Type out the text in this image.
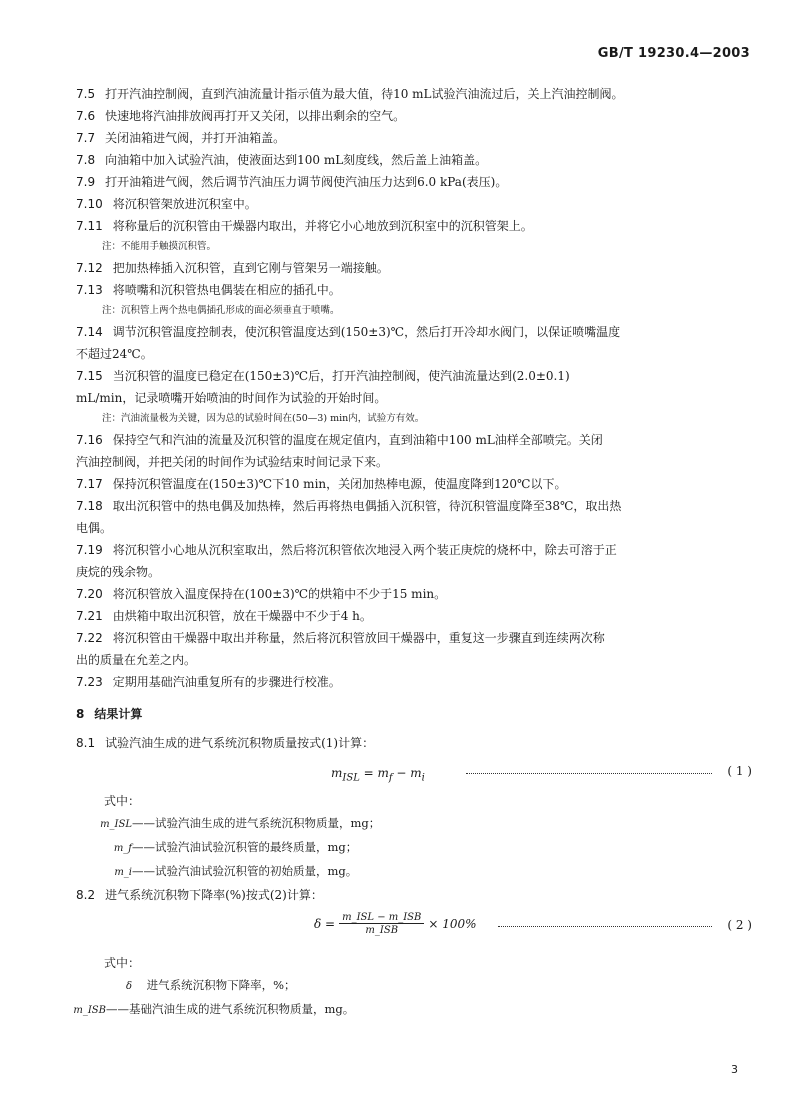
GB/T 19230.4—2003

7.5 打开汽油控制阀，直到汽油流量计指示值为最大值，待10 mL试验汽油流过后，关上汽油控制阀。

7.6 快速地将汽油排放阀再打开又关闭，以排出剩余的空气。

7.7 关闭油箱进气阀，并打开油箱盖。

7.8 向油箱中加入试验汽油，使液面达到100 mL刻度线，然后盖上油箱盖。

7.9 打开油箱进气阀，然后调节汽油压力调节阀使汽油压力达到6.0 kPa(表压)。

7.10 将沉积管架放进沉积室中。

7.11 将称量后的沉积管由干燥器内取出，并将它小心地放到沉积室中的沉积管架上。

注：不能用手触摸沉积管。

7.12 把加热棒插入沉积管，直到它刚与管架另一端接触。

7.13 将喷嘴和沉积管热电偶装在相应的插孔中。

注：沉积管上两个热电偶插孔形成的面必须垂直于喷嘴。

7.14 调节沉积管温度控制表，使沉积管温度达到(150±3)℃，然后打开冷却水阀门，以保证喷嘴温度

不超过24℃。

7.15 当沉积管的温度已稳定在(150±3)℃后，打开汽油控制阀，使汽油流量达到(2.0±0.1)

mL/min，记录喷嘴开始喷油的时间作为试验的开始时间。

注：汽油流量极为关键，因为总的试验时间在(50—3) min内，试验方有效。

7.16 保持空气和汽油的流量及沉积管的温度在规定值内，直到油箱中100 mL油样全部喷完。关闭

汽油控制阀，并把关闭的时间作为试验结束时间记录下来。

7.17 保持沉积管温度在(150±3)℃下10 min，关闭加热棒电源，使温度降到120℃以下。

7.18 取出沉积管中的热电偶及加热棒，然后再将热电偶插入沉积管，待沉积管温度降至38℃，取出热

电偶。

7.19 将沉积管小心地从沉积室取出，然后将沉积管依次地浸入两个装正庚烷的烧杯中，除去可溶于正

庚烷的残余物。

7.20 将沉积管放入温度保持在(100±3)℃的烘箱中不少于15 min。

7.21 由烘箱中取出沉积管，放在干燥器中不少于4 h。

7.22 将沉积管由干燥器中取出并称量，然后将沉积管放回干燥器中，重复这一步骤直到连续两次称

出的质量在允差之内。

7.23 定期用基础汽油重复所有的步骤进行校准。

8 结果计算

8.1 试验汽油生成的进气系统沉积物质量按式(1)计算：

$m_{ISL} = m_f - m_i$	( 1 )

式中：

m_ISL——试验汽油生成的进气系统沉积物质量，mg；

m_f——试验汽油试验沉积管的最终质量，mg；

m_i——试验汽油试验沉积管的初始质量，mg。

8.2 进气系统沉积物下降率(%)按式(2)计算：

$\delta = \frac{\text{m\_ISL − m\_ISB}}{\text{m\_ISB}} \times 100\%$	( 2 )

式中：

δ 进气系统沉积物下降率，%；

m_ISB——基础汽油生成的进气系统沉积物质量，mg。

3
